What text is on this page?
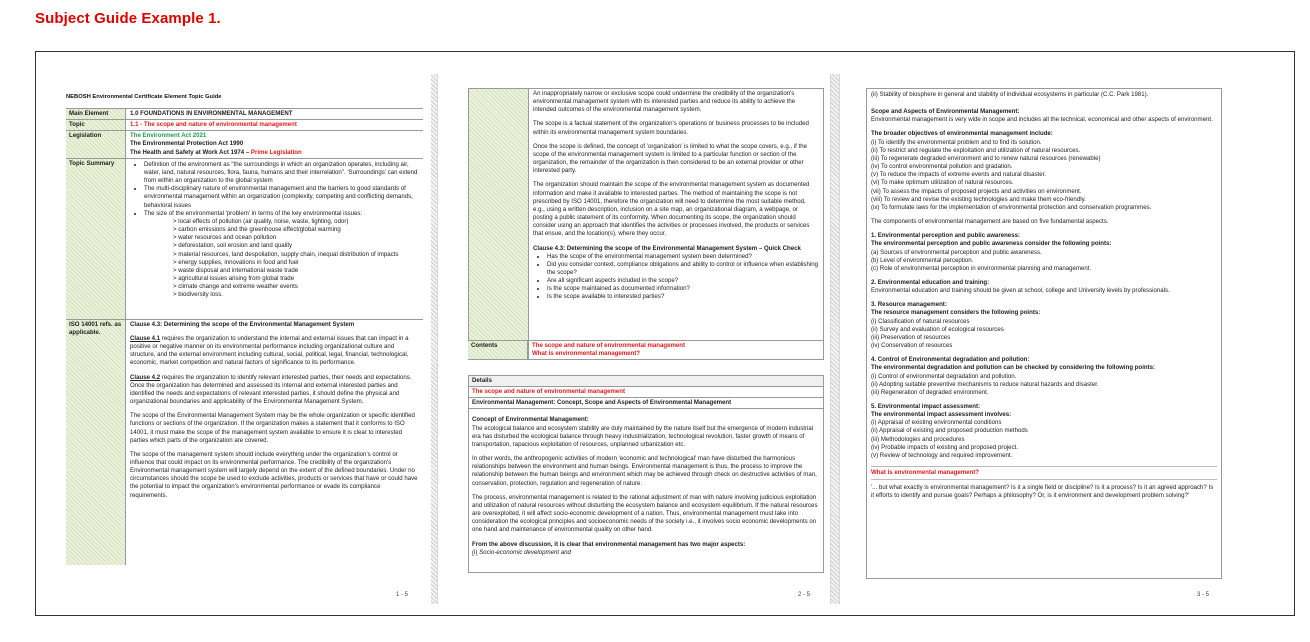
Subject Guide Example 1.
NEBOSH Environmental Certificate Element Topic Guide
Main Element	1.0 FOUNDATIONS IN ENVIRONMENTAL MANAGEMENT
Topic	1.1 - The scope and nature of environmental management
Legislation	The Environment Act 2021
The Environmental Protection Act 1990
The Health and Safety at Work Act 1974 – Prime Legislation
Topic Summary
•	Definition of the environment as "the surroundings in which an organization operates, including air, water, land, natural resources, flora, fauna, humans and their interrelation". 'Surroundings' can extend from within an organization to the global system
• The multi-disciplinary nature of environmental management and the barriers to good standards of environmental management within an organization (complexity, competing and conflicting demands, behavioral issues
• The size of the environmental 'problem' in terms of the key environmental issues:
> local effects of pollution (air quality, noise, waste, lighting, odor)
> carbon emissions and the greenhouse effect/global warming
> water resources and ocean pollution
> deforestation, soil erosion and land quality
> material resources, land despoliation, supply chain, inequal distribution of impacts
> energy supplies, innovations in food and fuel
> waste disposal and international waste trade
> agricultural issues arising from global trade
> climate change and extreme weather events
> biodiversity loss.
ISO 14001 refs. as applicable.
Clause 4.3: Determining the scope of the Environmental Management System
Clause 4.1 requires the organization to understand the internal and external issues that can impact in a positive or negative manner on its environmental performance including organizational culture and structure, and the external environment including cultural, social, political, legal, financial, technological, economic, market competition and natural factors of significance to its performance.
Clause 4.2 requires the organization to identify relevant interested parties, their needs and expectations.
Once the organization has determined and assessed its internal and external interested parties and identified the needs and expectations of relevant interested parties, it should define the physical and organizational boundaries and applicability of the Environmental Management System.
The scope of the Environmental Management System may be the whole organization or specific identified functions or sections of the organization. If the organization makes a statement that it conforms to ISO 14001, it must make the scope of the management system available to ensure it is clear to interested parties which parts of the organization are covered.
The scope of the management system should include everything under the organization's control or influence that could impact on its environmental performance. The credibility of the organization's Environmental management system will largely depend on the extent of the defined boundaries. Under no circumstances should the scope be used to exclude activities, products or services that have or could have the potential to impact the organization's environmental performance or evade its compliance requirements.
1 - 5
An inappropriately narrow or exclusive scope could undermine the credibility of the organization's environmental management system with its interested parties and reduce its ability to achieve the intended outcomes of the environmental management system.
The scope is a factual statement of the organization's operations or business processes to be included within its environmental management system boundaries.
Once the scope is defined, the concept of 'organization' is limited to what the scope covers, e.g., if the scope of the environmental management system is limited to a particular function or section of the organization, the remainder of the organization is then considered to be an external provider or other interested party.
The organization should maintain the scope of the environmental management system as documented information and make it available to interested parties. The method of maintaining the scope is not prescribed by ISO 14001, therefore the organization will need to determine the most suitable method, e.g., using a written description, inclusion on a site map, an organizational diagram, a webpage, or posting a public statement of its conformity. When documenting its scope, the organization should consider using an approach that identifies the activities or processes involved, the products or services that ensue, and the location(s), where they occur.
Clause 4.3: Determining the scope of the Environmental Management System – Quick Check
• Has the scope of the environmental management system been determined?
• Did you consider context, compliance obligations and ability to control or influence when establishing the scope?
• Are all significant aspects included in the scope?
• Is the scope maintained as documented information?
• Is the scope available to interested parties?
Contents	The scope and nature of environmental management
What is environmental management?
Details
The scope and nature of environmental management
Environmental Management: Concept, Scope and Aspects of Environmental Management
Concept of Environmental Management:
The ecological balance and ecosystem stability are duly maintained by the nature itself but the emergence of modern industrial era has disturbed the ecological balance through heavy industrialization, technological revolution, faster growth of means of transportation, rapacious exploitation of resources, unplanned urbanization etc.
In other words, the anthropogenic activities of modern 'economic and technological' man have disturbed the harmonious relationships between the environment and human beings. Environmental management is thus, the process to improve the relationship between the human beings and environment which may be achieved through check on destructive activities of man, conservation, protection, regulation and regeneration of nature.
The process, environmental management is related to the rational adjustment of man with nature involving judicious exploitation and utilization of natural resources without disturbing the ecosystem balance and ecosystem equilibrium. If the natural resources are overexploited, it will affect socio-economic development of a nation. Thus, environmental management must take into consideration the ecological principles and socioeconomic needs of the society i.e., it involves socio economic developments on one hand and maintenance of environmental quality on other hand.
From the above discussion, it is clear that environmental management has two major aspects:
(i) Socio-economic development and
2 - 5
(ii) Stability of biosphere in general and stability of individual ecosystems in particular (C.C. Park 1981).
Scope and Aspects of Environmental Management:
Environmental management is very wide in scope and includes all the technical, economical and other aspects of environment.
The broader objectives of environmental management include:
(i) To identify the environmental problem and to find its solution.
(ii) To restrict and regulate the exploitation and utilization of natural resources.
(iii) To regenerate degraded environment and to renew natural resources (renewable)
(iv) To control environmental pollution and gradation.
(v) To reduce the impacts of extreme events and natural disaster.
(vi) To make optimum utilization of natural resources.
(vii) To assess the impacts of proposed projects and activities on environment.
(viii) To review and revise the existing technologies and make them eco-friendly.
(ix) To formulate laws for the implementation of environmental protection and conservation programmes.
The components of environmental management are based on five fundamental aspects.
1. Environmental perception and public awareness:
The environmental perception and public awareness consider the following points:
(a) Sources of environmental perception and public awareness.
(b) Level of environmental perception.
(c) Role of environmental perception in environmental planning and management.
2. Environmental education and training:
Environmental education and training should be given at school, college and University levels by professionals.
3. Resource management:
The resource management considers the following points:
(i) Classification of natural resources
(ii) Survey and evaluation of ecological resources
(iii) Preservation of resources
(iv) Conservation of resources
4. Control of Environmental degradation and pollution:
The environmental degradation and pollution can be checked by considering the following points:
(i) Control of environmental degradation and pollution.
(ii) Adopting suitable preventive mechanisms to reduce natural hazards and disaster.
(iii) Regeneration of degraded environment.
5. Environmental impact assessment:
The environmental impact assessment involves:
(i) Appraisal of existing environmental conditions
(ii) Appraisal of existing and proposed production methods
(iii) Methodologies and procedures
(iv) Probable impacts of existing and proposed project.
(v) Review of technology and required improvement.
What is environmental management?
'... but what exactly is environmental management? Is it a single field or discipline? Is it a process? Is it an agreed approach? Is it efforts to identify and pursue goals? Perhaps a philosophy? Or, is it environment and development problem solving?'
3 - 5
